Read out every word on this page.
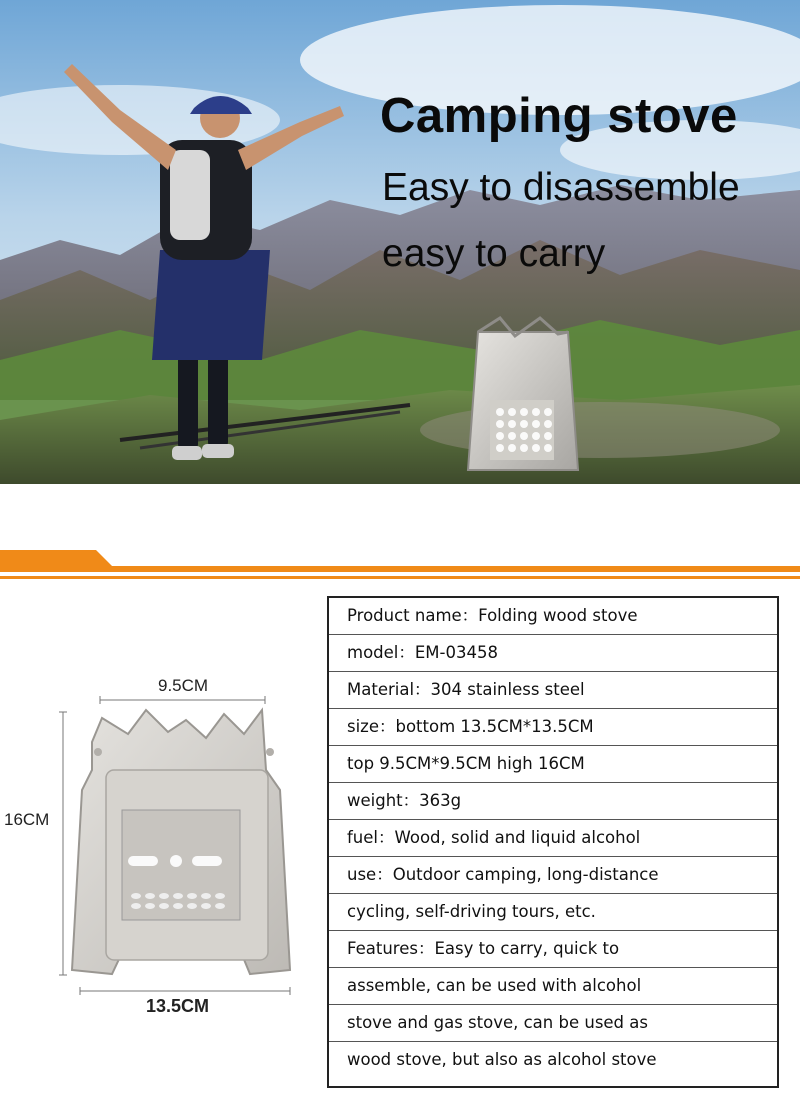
Camping stove

Easy to disassemble

easy to carry

9.5CM
16CM
13.5CM
Product name：Folding wood stove
model：EM-03458
Material：304 stainless steel
size：bottom 13.5CM*13.5CM
top 9.5CM*9.5CM high 16CM
weight：363g
fuel：Wood, solid and liquid alcohol
use：Outdoor camping, long-distance
cycling, self-driving tours, etc.
Features：Easy to carry, quick to
assemble, can be used with alcohol
stove and gas stove, can be used as
wood stove, but also as alcohol stove
